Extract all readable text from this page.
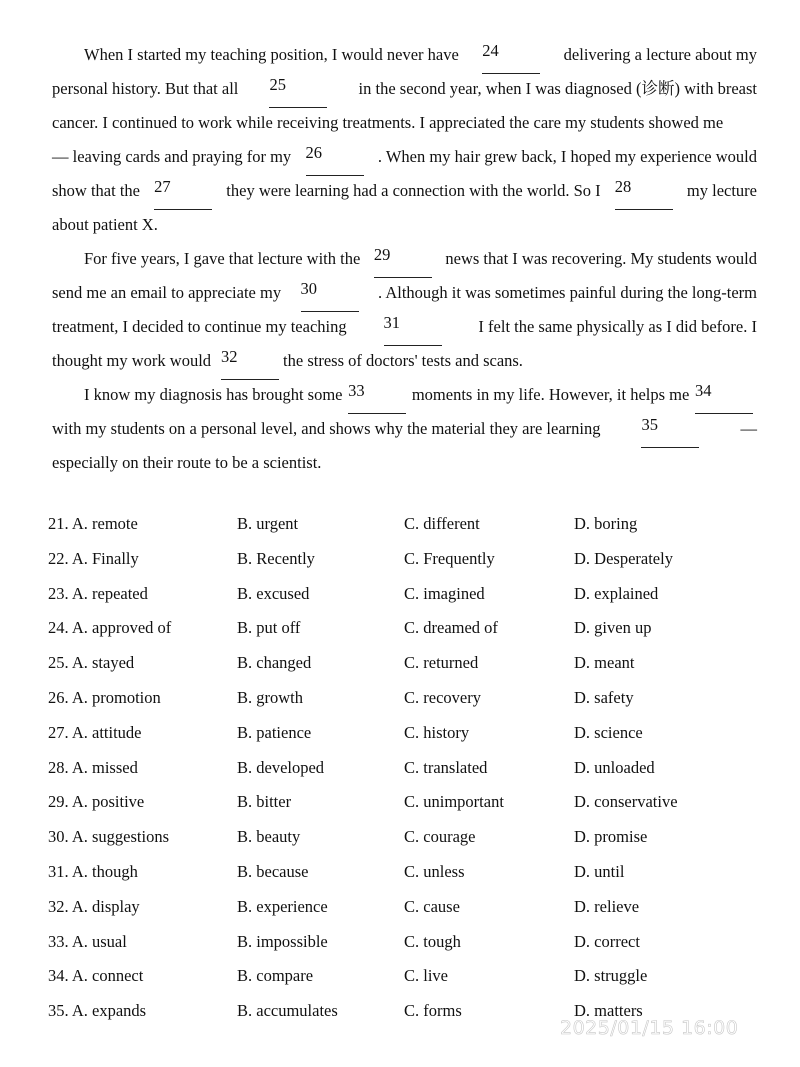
When I started my teaching position, I would never have 24	delivering a lecture about my
personal history. But that all 25	in the second year, when I was diagnosed (诊断) with breast
cancer. I continued to work while receiving treatments. I appreciated the care my students showed me
— leaving cards and praying for my 26	. When my hair grew back, I hoped my experience would
show that the 27	they were learning had a connection with the world. So I 28	my lecture
about patient X.
For five years, I gave that lecture with the 29	news that I was recovering. My students would
send me an email to appreciate my 30	. Although it was sometimes painful during the long-term
treatment, I decided to continue my teaching 31	I felt the same physically as I did before. I
thought my work would 32	the stress of doctors' tests and scans.
I know my diagnosis has brought some 33	moments in my life. However, it helps me 34
with my students on a personal level, and shows why the material they are learning 35	—
especially on their route to be a scientist.
21. A. remote	B. urgent	C. different	D. boring
22. A. Finally	B. Recently	C. Frequently	D. Desperately
23. A. repeated	B. excused	C. imagined	D. explained
24. A. approved of	B. put off	C. dreamed of	D. given up
25. A. stayed	B. changed	C. returned	D. meant
26. A. promotion	B. growth	C. recovery	D. safety
27. A. attitude	B. patience	C. history	D. science
28. A. missed	B. developed	C. translated	D. unloaded
29. A. positive	B. bitter	C. unimportant	D. conservative
30. A. suggestions	B. beauty	C. courage	D. promise
31. A. though	B. because	C. unless	D. until
32. A. display	B. experience	C. cause	D. relieve
33. A. usual	B. impossible	C. tough	D. correct
34. A. connect	B. compare	C. live	D. struggle
35. A. expands	B. accumulates	C. forms	D. matters
2025/01/15 16:00
